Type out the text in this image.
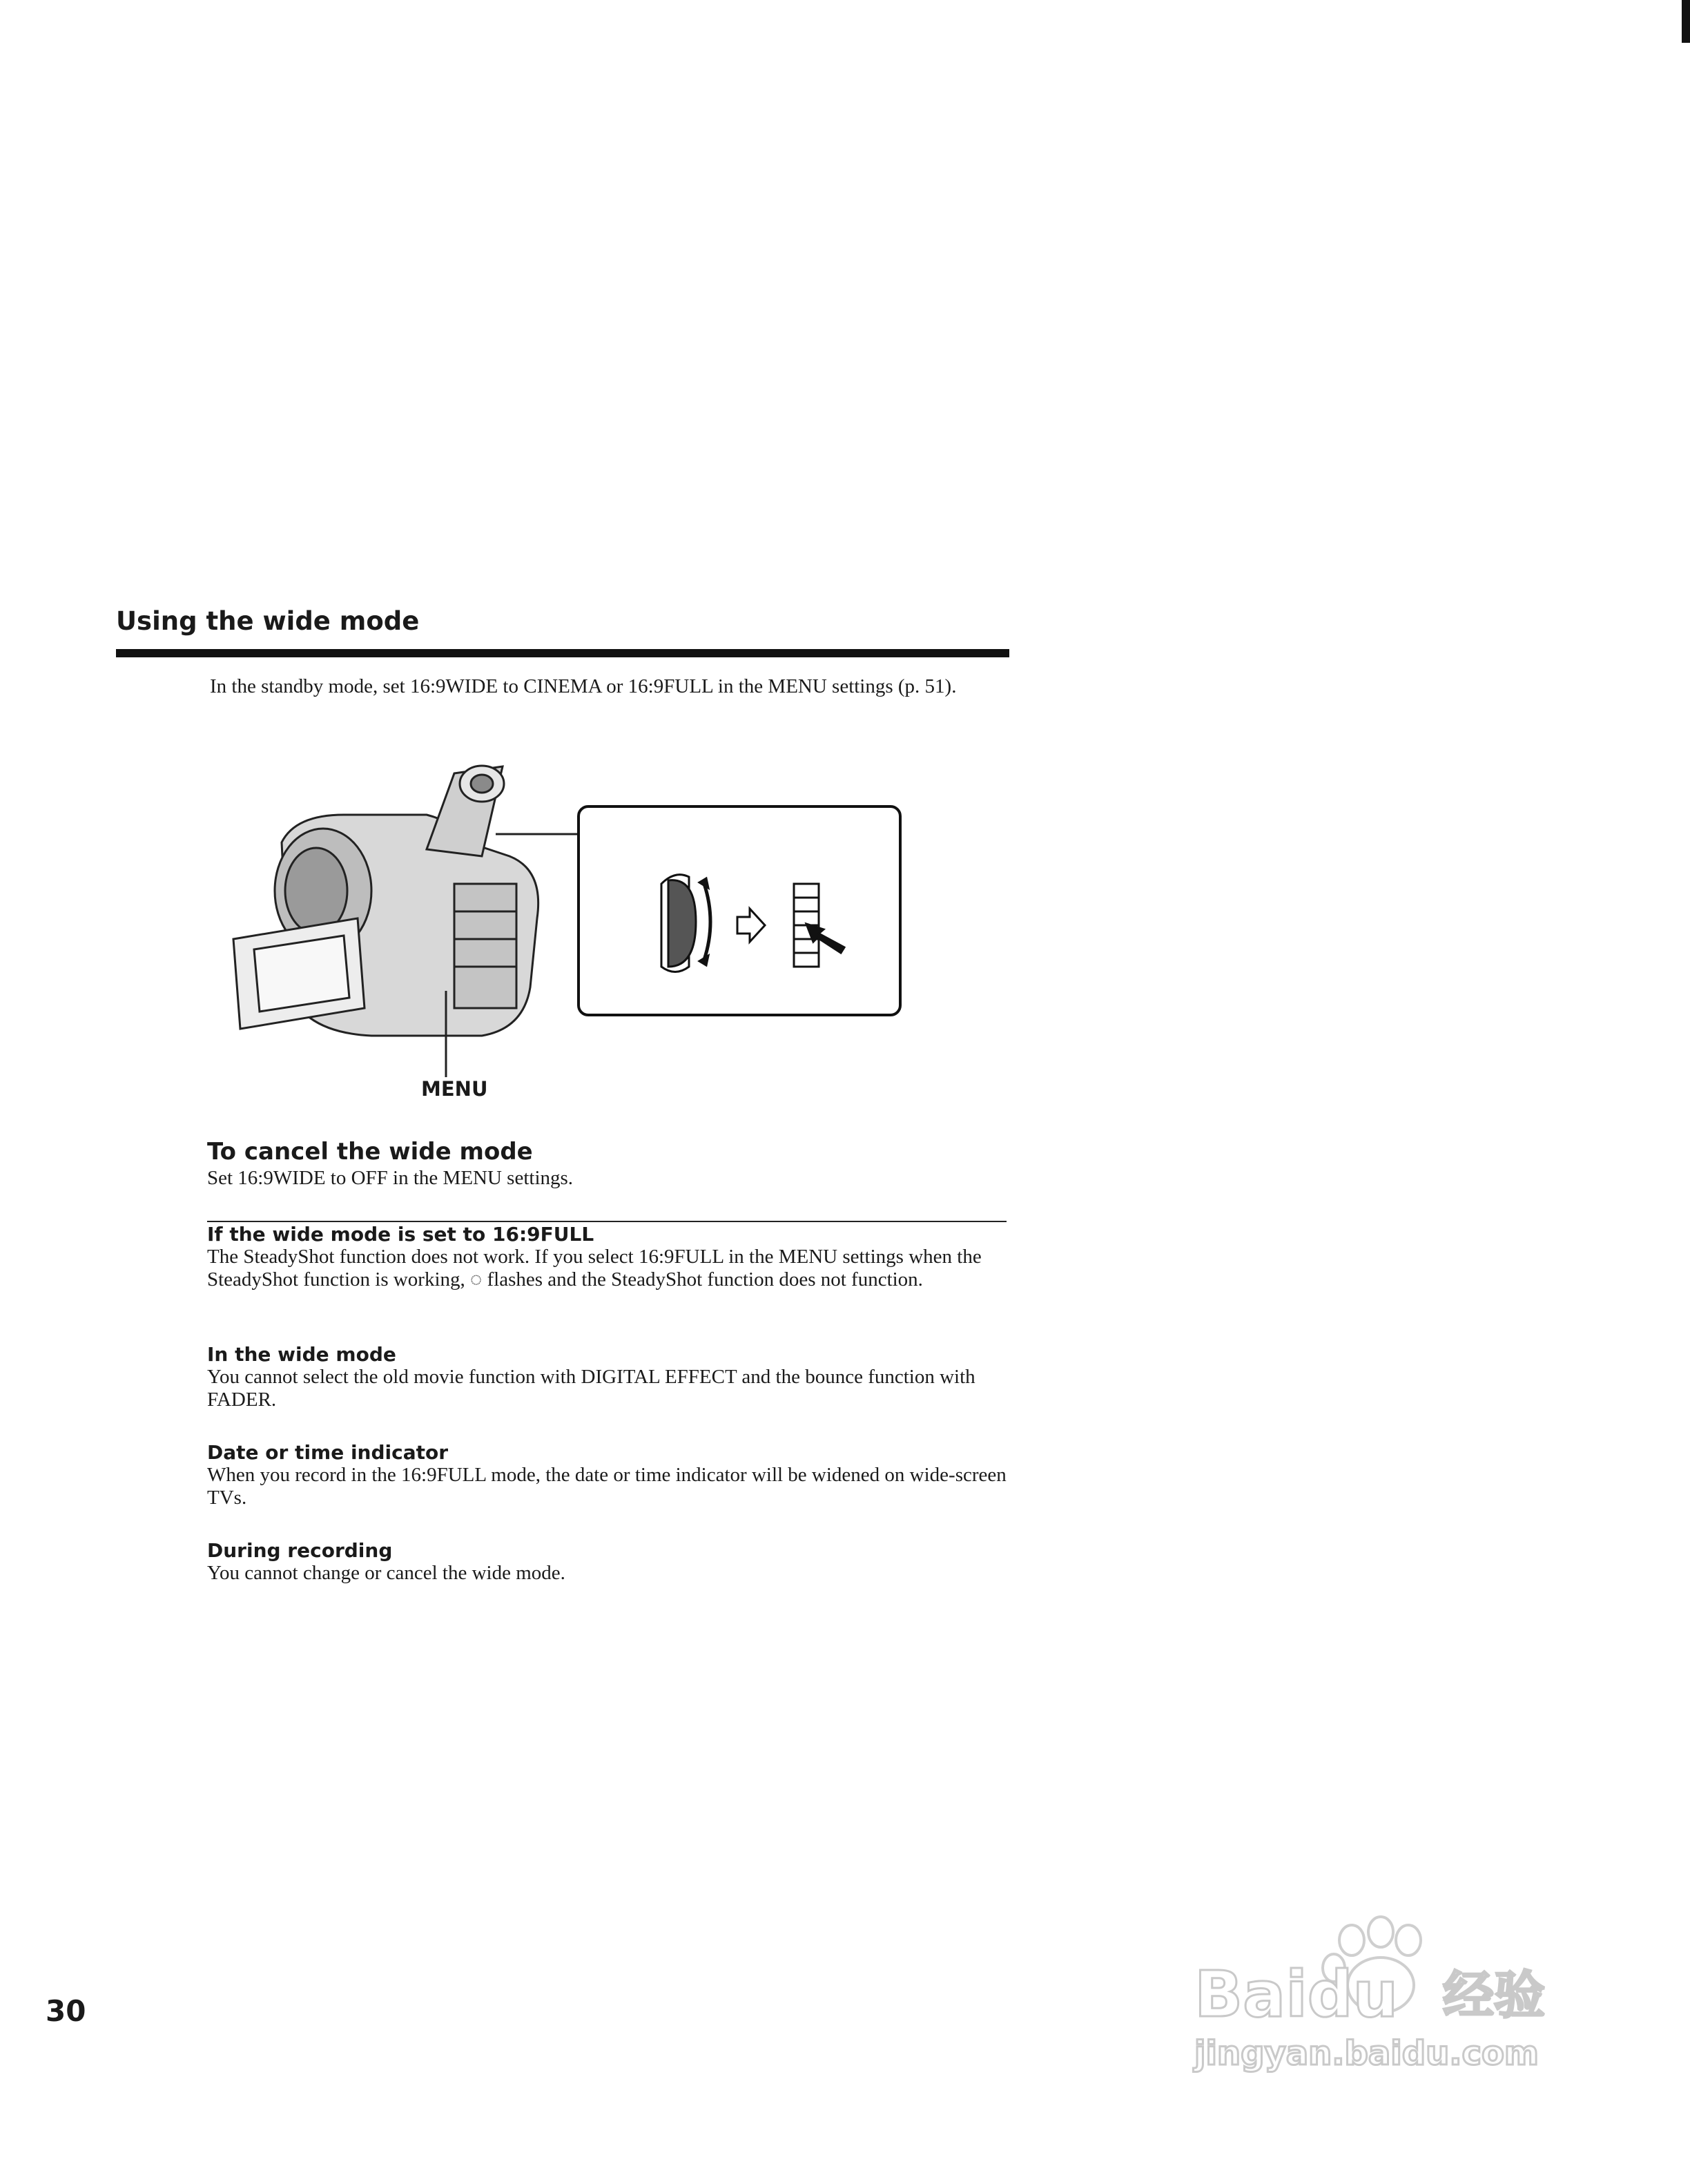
Using the wide mode
In the standby mode, set 16:9WIDE to CINEMA or 16:9FULL in the MENU settings (p. 51).
MENU
To cancel the wide mode
Set 16:9WIDE to OFF in the MENU settings.
If the wide mode is set to 16:9FULL
The SteadyShot function does not work. If you select 16:9FULL in the MENU settings when the SteadyShot function is working, ◌ flashes and the SteadyShot function does not function.
In the wide mode
You cannot select the old movie function with DIGITAL EFFECT and the bounce function with FADER.
Date or time indicator
When you record in the 16:9FULL mode, the date or time indicator will be widened on wide-screen TVs.
During recording
You cannot change or cancel the wide mode.
30	Baidu 经验
jingyan.baidu.com
